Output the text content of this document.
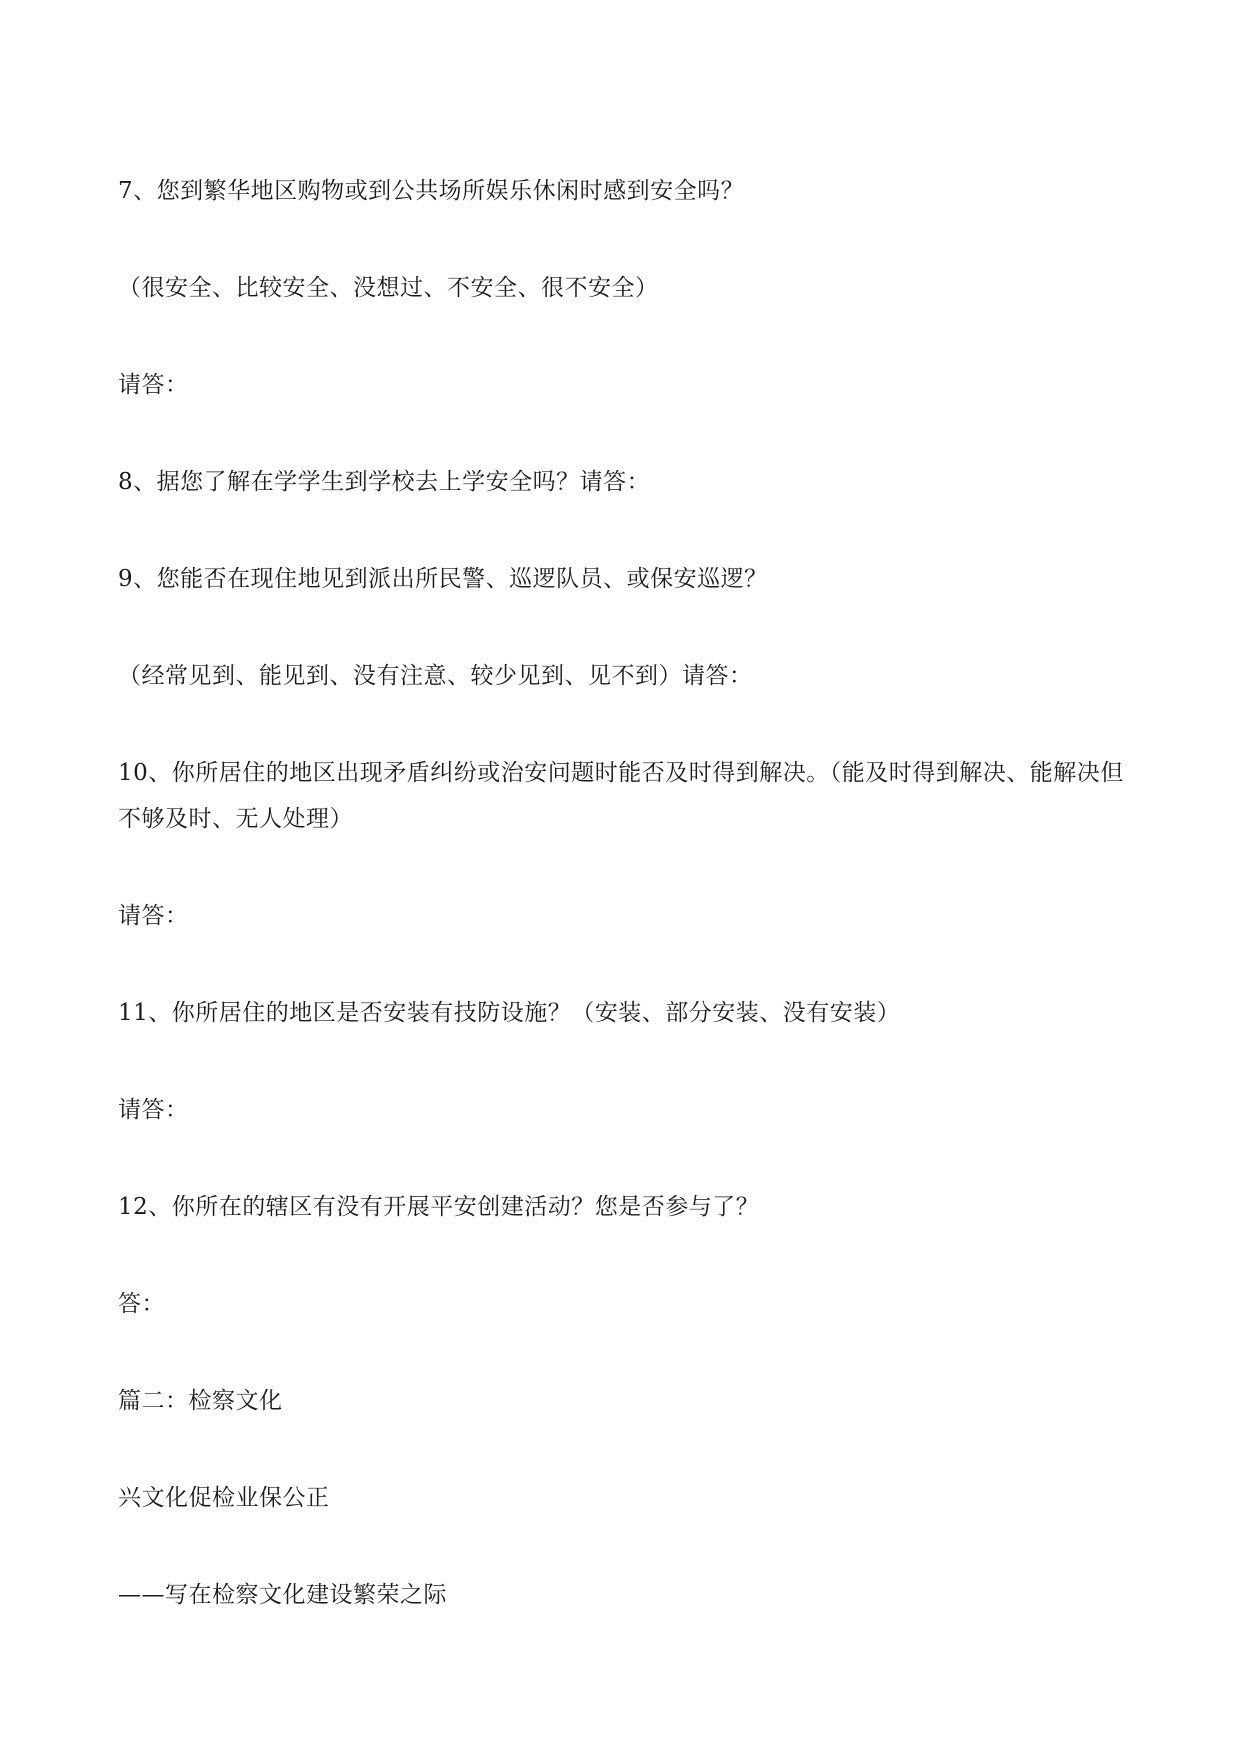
7、您到繁华地区购物或到公共场所娱乐休闲时感到安全吗？
（很安全、比较安全、没想过、不安全、很不安全）
请答：
8、据您了解在学学生到学校去上学安全吗？请答：
9、您能否在现住地见到派出所民警、巡逻队员、或保安巡逻？
（经常见到、能见到、没有注意、较少见到、见不到）请答：
10、你所居住的地区出现矛盾纠纷或治安问题时能否及时得到解决。（能及时得到解决、能解决但不够及时、无人处理）
请答：
11、你所居住的地区是否安装有技防设施？（安装、部分安装、没有安装）
请答：
12、你所在的辖区有没有开展平安创建活动？您是否参与了？
答：
篇二：检察文化
兴文化促检业保公正
——写在检察文化建设繁荣之际
